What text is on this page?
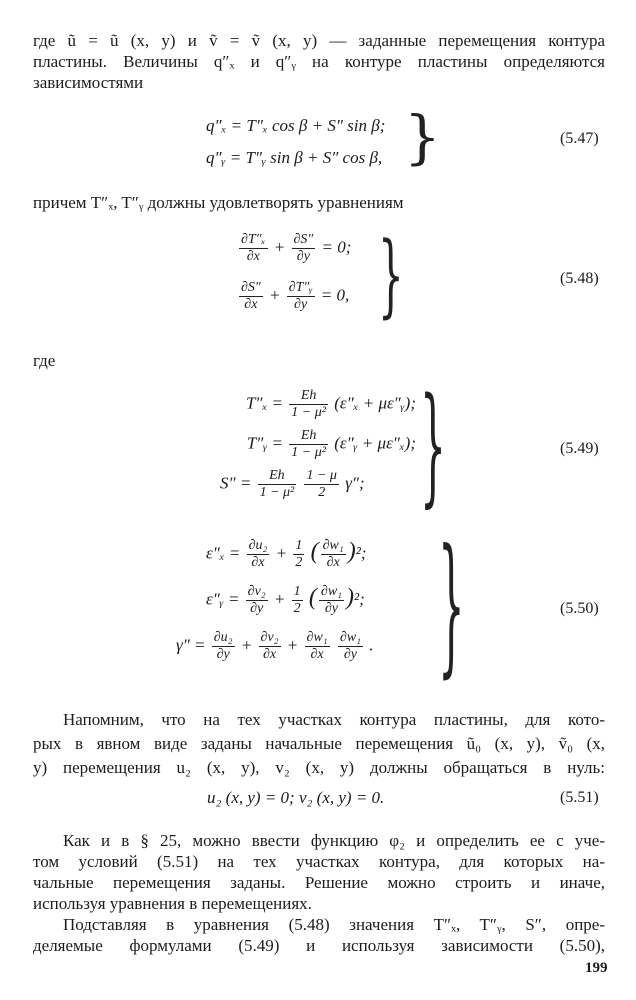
где ũ = ũ (x, y) и ṽ = ṽ (x, y) — заданные перемещения контура
пластины. Величины q″ₓ и q″ᵧ на контуре пластины определяются
зависимостями
q″ₓ = T″ₓ cos β + S″ sin β;
q″ᵧ = T″ᵧ sin β + S″ cos β, }	(5.47)
причем T″ₓ, T″ᵧ должны удовлетворять уравнениям
$\frac{\text{∂T″ₓ}}{\partial x} + \frac{\partial S''}{\partial y} = 0$;
$\frac{\partial S''}{\partial x} + \frac{\text{∂T″ᵧ}}{\partial y} = 0$, }	(5.48)
где
$T''_x = \frac{Eh}{\text{1 − μ²}} (\varepsilon''_x$ + με″ᵧ);
T″ᵧ = $\frac{Eh}{\text{1 − μ²}}$ (ε″ᵧ + με″ₓ);
$S'' = \frac{Eh}{\text{1 − μ²}}$
$\frac{1 - \mu}{2} \gamma''$; }	(5.49)
$\varepsilon''_x = \frac{\text{∂u₂}}{\partial x} + \frac{1}{2}$ ( $\frac{\text{∂w₁}}{\partial x} )^2$;
ε″ᵧ = $\frac{\text{∂v₂}}{\partial y} + \frac{1}{2}$ ( $\frac{\text{∂w₁}}{\partial y} )^2$;
$\gamma'' = \frac{\text{∂u₂}}{\partial y} + \frac{\text{∂v₂}}{\partial x} + \frac{\text{∂w₁}}{\partial x}$
$\frac{\text{∂w₁}}{\partial y}$ . }	(5.50)
Напомним, что на тех участках контура пластины, для кото-
рых в явном виде заданы начальные перемещения ũ₀ (x, y), ṽ₀ (x,
y) перемещения u₂ (x, y), v₂ (x, y) должны обращаться в нуль:
u₂ (x, y) = 0; v₂ (x, y) = 0.	(5.51)
Как и в § 25, можно ввести функцию φ₂ и определить ее с уче-
том условий (5.51) на тех участках контура, для которых на-
чальные перемещения заданы. Решение можно строить и иначе,
используя уравнения в перемещениях.
Подставляя в уравнения (5.48) значения T″ₓ, T″ᵧ, S″, опре-
деляемые формулами (5.49) и используя зависимости (5.50),
199
